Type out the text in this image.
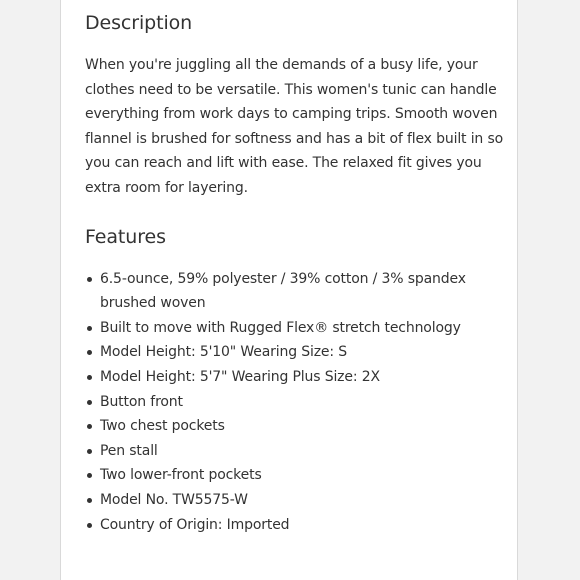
Description

When you're juggling all the demands of a busy life, your clothes need to be versatile. This women's tunic can handle everything from work days to camping trips. Smooth woven flannel is brushed for softness and has a bit of flex built in so you can reach and lift with ease. The relaxed fit gives you extra room for layering.

Features
6.5-ounce, 59% polyester / 39% cotton / 3% spandex brushed woven
Built to move with Rugged Flex® stretch technology
Model Height: 5'10" Wearing Size: S
Model Height: 5'7" Wearing Plus Size: 2X
Button front
Two chest pockets
Pen stall
Two lower-front pockets
Model No. TW5575-W
Country of Origin: Imported
